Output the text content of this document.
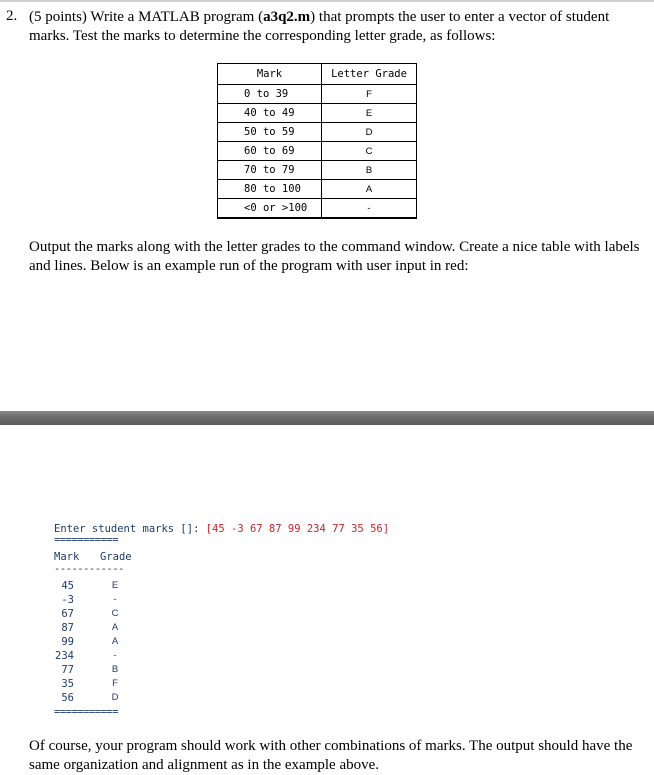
2. (5 points) Write a MATLAB program (a3q2.m) that prompts the user to enter a vector of student marks. Test the marks to determine the corresponding letter grade, as follows:
Mark	Letter Grade
0 to 39	F
40 to 49	E
50 to 59	D
60 to 69	C
70 to 79	B
80 to 100	A
<0 or >100	-
Output the marks along with the letter grades to the command window. Create a nice table with labels and lines. Below is an example run of the program with user input in red:
Enter student marks []: [45 -3 67 87 99 234 77 35 56]
===========
Mark Grade
------------
45	E
-3	-
67	C
87	A
99	A
234	-
77	B
35	F
56	D
===========
Of course, your program should work with other combinations of marks. The output should have the same organization and alignment as in the example above.
